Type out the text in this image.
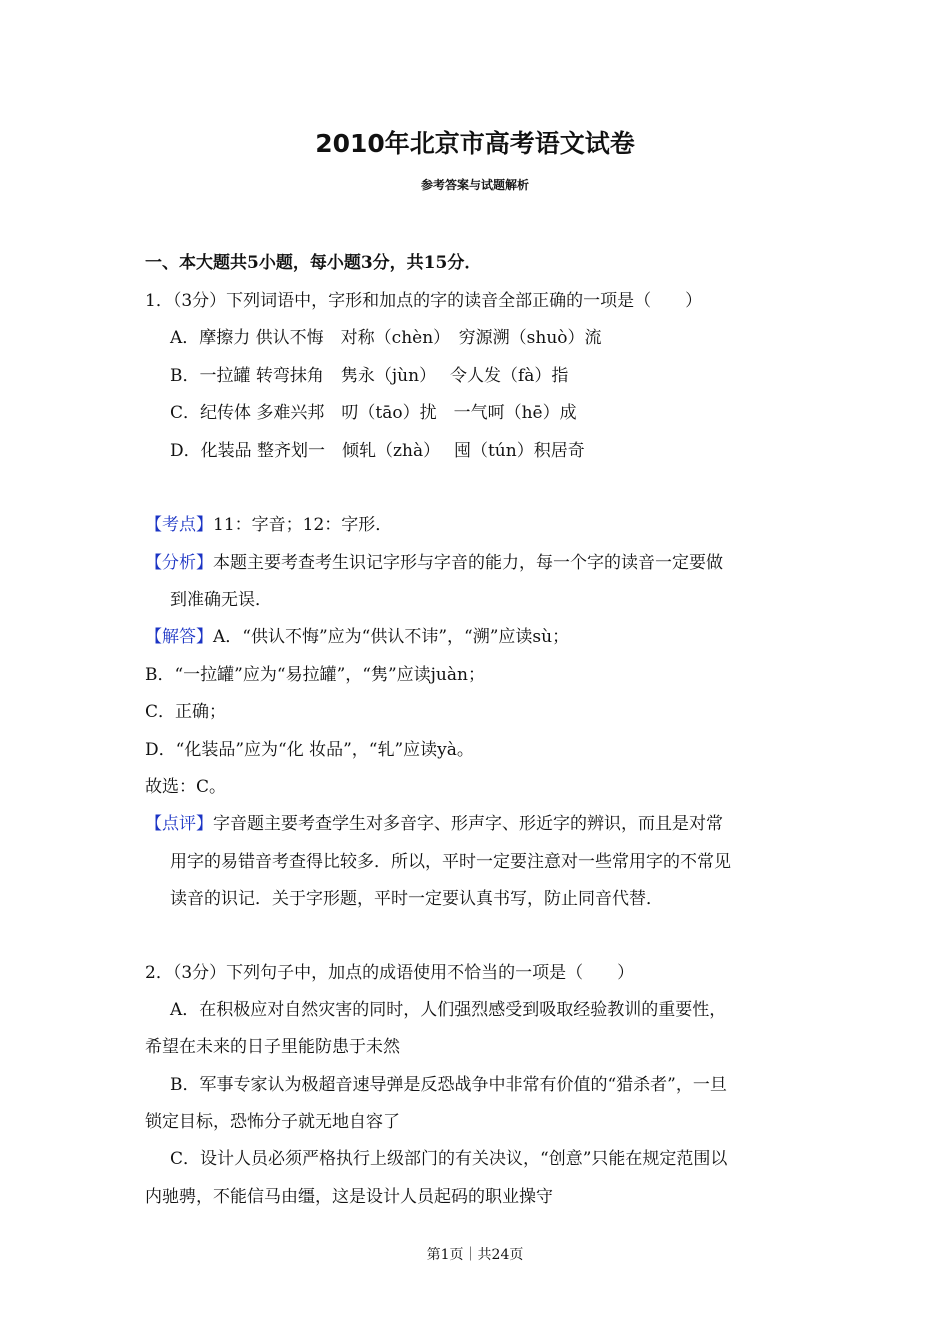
2010年北京市高考语文试卷
参考答案与试题解析
一、本大题共5小题，每小题3分，共15分．
1．（3分）下列词语中，字形和加点的字的读音全部正确的一项是（　　）
A．摩擦力 供认不悔　对称（chèn）　穷源溯（shuò）流
B．一拉罐 转弯抹角　隽永（jùn）　 令人发（fà）指
C．纪传体 多难兴邦　叨（tāo）扰　一气呵（hē）成
D．化装品 整齐划一　倾轧（zhà）　 囤（tún）积居奇
【考点】11：字音；12：字形．
【分析】本题主要考查考生识记字形与字音的能力，每一个字的读音一定要做
到准确无误．
【解答】A．“供认不悔”应为“供认不讳”，“溯”应读sù；
B．“一拉罐”应为“易拉罐”，“隽”应读juàn；
C．正确；
D．“化装品”应为“化 妆品”，“轧”应读yà。
故选：C。
【点评】字音题主要考查学生对多音字、形声字、形近字的辨识，而且是对常
用字的易错音考查得比较多．所以，平时一定要注意对一些常用字的不常见
读音的识记．关于字形题，平时一定要认真书写，防止同音代替．
2．（3分）下列句子中，加点的成语使用不恰当的一项是（　　）
A．在积极应对自然灾害的同时，人们强烈感受到吸取经验教训的重要性，
希望在未来的日子里能防患于未然
B．军事专家认为极超音速导弹是反恐战争中非常有价值的“猎杀者”，一旦
锁定目标，恐怖分子就无地自容了
C．设计人员必须严格执行上级部门的有关决议，“创意”只能在规定范围以
内驰骋，不能信马由缰，这是设计人员起码的职业操守
第1页｜共24页
